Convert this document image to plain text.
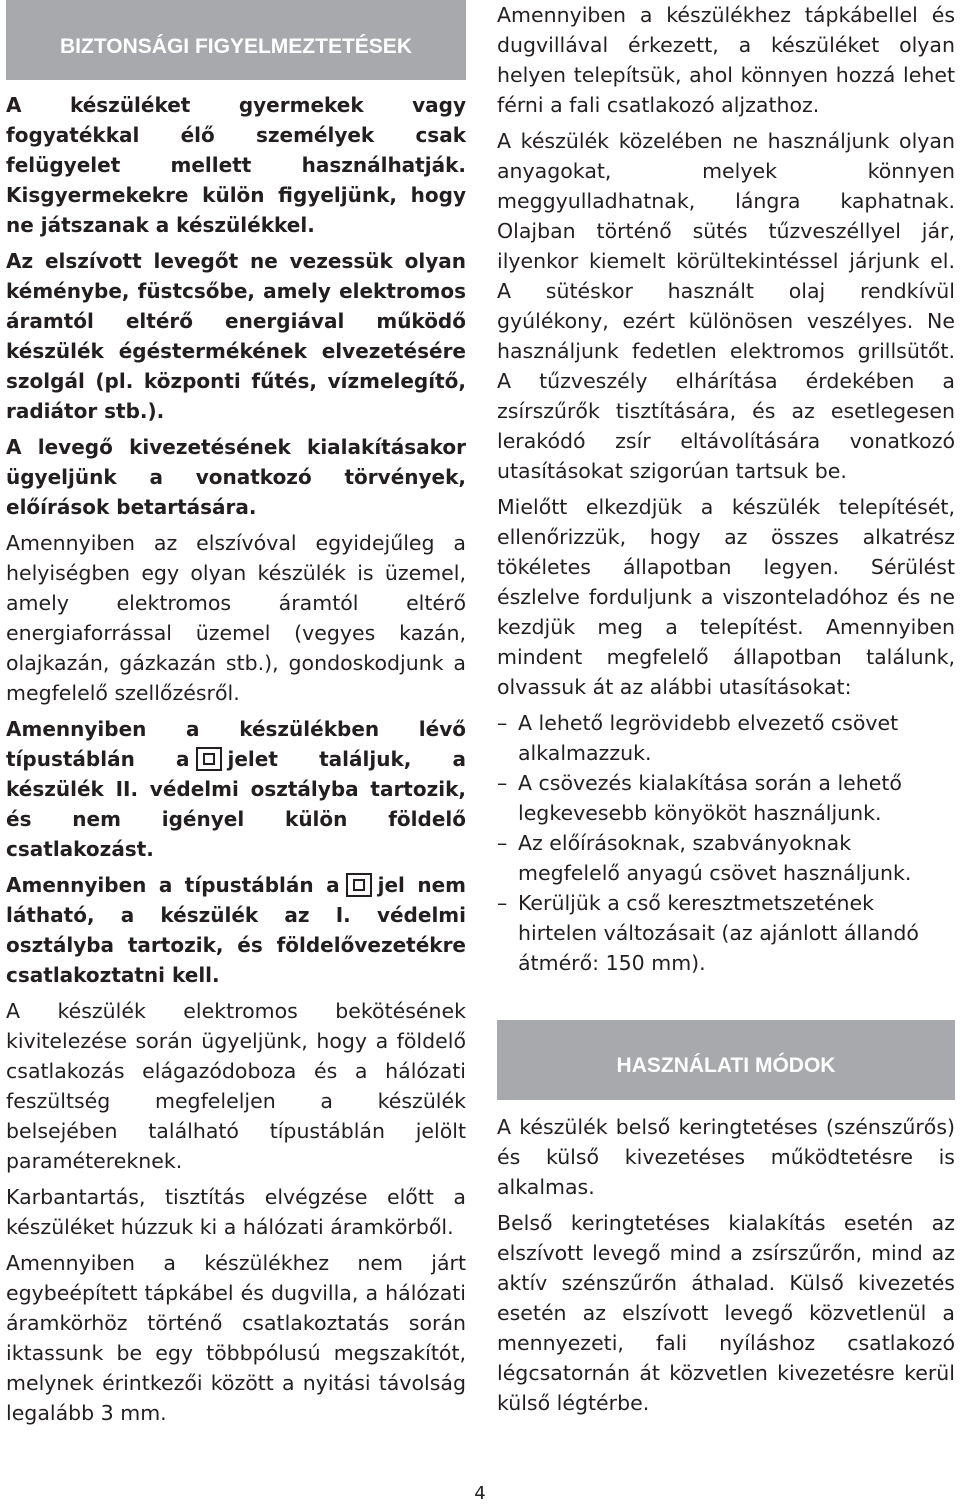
BIZTONSÁGI FIGYELMEZTETÉSEK

A készüléket gyermekek vagy fogyatékkal élő személyek csak felügyelet mellett használhatják. Kisgyermekekre külön figyeljünk, hogy ne játszanak a készülékkel.

Az elszívott levegőt ne vezessük olyan kéménybe, füstcsőbe, amely elektromos áramtól eltérő energiával működő készülék égéstermékének elvezetésére szolgál (pl. központi fűtés, vízmelegítő, radiátor stb.).

A levegő kivezetésének kialakításakor ügyeljünk a vonatkozó törvények, előírások betartására.

Amennyiben az elszívóval egyidejűleg a helyiségben egy olyan készülék is üzemel, amely elektromos áramtól eltérő energiaforrással üzemel (vegyes kazán, olajkazán, gázkazán stb.), gondoskodjunk a megfelelő szellőzésről.

Amennyiben a készülékben lévő típustáblán a jelet találjuk, a készülék II. védelmi osztályba tartozik, és nem igényel külön földelő csatlakozást.

Amennyiben a típustáblán a jel nem látható, a készülék az I. védelmi osztályba tartozik, és földelővezetékre csatlakoztatni kell.

A készülék elektromos bekötésének kivitelezése során ügyeljünk, hogy a földelő csatlakozás elágazódoboza és a hálózati feszültség megfeleljen a készülék belsejében található típustáblán jelölt paramétereknek.

Karbantartás, tisztítás elvégzése előtt a készüléket húzzuk ki a hálózati áramkörből.

Amennyiben a készülékhez nem járt egybeépített tápkábel és dugvilla, a hálózati áramkörhöz történő csatlakoztatás során iktassunk be egy többpólusú megszakítót, melynek érintkezői között a nyitási távolság legalább 3 mm.

Amennyiben a készülékhez tápkábellel és dugvillával érkezett, a készüléket olyan helyen telepítsük, ahol könnyen hozzá lehet férni a fali csatlakozó aljzathoz.

A készülék közelében ne használjunk olyan anyagokat, melyek könnyen meggyulladhatnak, lángra kaphatnak. Olajban történő sütés tűzveszéllyel jár, ilyenkor kiemelt körültekintéssel járjunk el. A sütéskor használt olaj rendkívül gyúlékony, ezért különösen veszélyes. Ne használjunk fedetlen elektromos grillsütőt. A tűzveszély elhárítása érdekében a zsírszűrők tisztítására, és az esetlegesen lerakódó zsír eltávolítására vonatkozó utasításokat szigorúan tartsuk be.

Mielőtt elkezdjük a készülék telepítését, ellenőrizzük, hogy az összes alkatrész tökéletes állapotban legyen. Sérülést észlelve forduljunk a viszonteladóhoz és ne kezdjük meg a telepítést. Amennyiben mindent megfelelő állapotban találunk, olvassuk át az alábbi utasításokat:

– A lehető legrövidebb elvezető csövet alkalmazzuk.
– A csövezés kialakítása során a lehető legkevesebb könyököt használjunk.
– Az előírásoknak, szabványoknak megfelelő anyagú csövet használjunk.
– Kerüljük a cső keresztmetszetének hirtelen változásait (az ajánlott állandó átmérő: 150 mm).
HASZNÁLATI MÓDOK

A készülék belső keringtetéses (szénszűrős) és külső kivezetéses működtetésre is alkalmas.

Belső keringtetéses kialakítás esetén az elszívott levegő mind a zsírszűrőn, mind az aktív szénszűrőn áthalad. Külső kivezetés esetén az elszívott levegő közvetlenül a mennyezeti, fali nyíláshoz csatlakozó légcsatornán át közvetlen kivezetésre kerül külső légtérbe.

4
